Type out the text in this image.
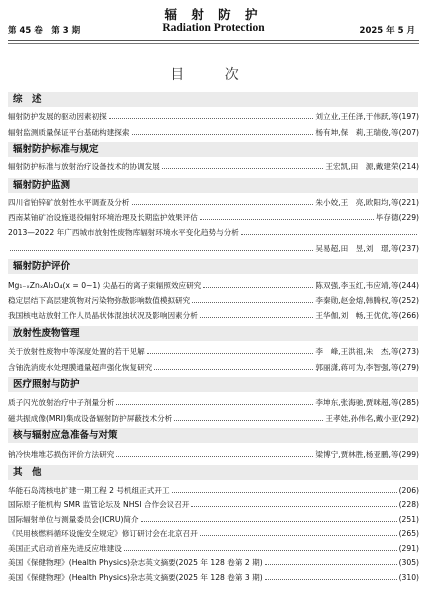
第 45 卷　第 3 期
辐 射 防 护
Radiation Protection	2025 年 5 月
目 次
综　述
辐射防护发展的驱动因素初探	刘立业,王任泽,于伟跃,等 (197)
辐射监测质量保证平台基础构建探索	杨有坤,保　莉,王瑞俊,等 (207)
辐射防护标准与规定
辐射防护标准与放射治疗设备技术的协调发展	王宏凯,田　源,戴建荣 (214)
辐射防护监测
四川省铂锌矿放射性水平调查及分析	朱小姣,王　亮,欧阳均,等 (221)
西南某铀矿冶设施退役辐射环境治理及长期监护效果评估	毕存德 (229)
2013—2022 年广西城市放射性废物库辐射环境水平变化趋势与分析
吴易超,田　昱,刘　璟,等 (237)
辐射防护评价
Mg₁₋ₓZnₓAl₂O₄(x = 0~1) 尖晶石的离子束辐照效应研究	陈双强,李玉红,韦应靖,等 (244)
稳定层结下高层建筑物对污染物弥散影响数值模拟研究	李秦勋,赵金熔,韩腾权,等 (252)
我国核电站放射工作人员晶状体混浊状况及影响因素分析	王华伽,刘　畅,王优优,等 (266)
放射性废物管理
关于放射性废物中等深度处置的若干见解	李　峰,王洪祖,朱　杰,等 (273)
含铀洗消废水处理膜通量超声强化恢复研究	郭丽潇,蒋可为,李智强,等 (279)
医疗照射与防护
质子闪光放射治疗中子剂量分析	李坤东,张海驰,贾咪超,等 (285)
磁共振成像(MRI)集成设备辐射防护屏蔽技术分析	王孝娃,孙伟名,戴小亚 (292)
核与辐射应急准备与对策
钠冷快堆堆芯损伤评价方法研究	梁博宁,贾林胜,杨亚鹏,等 (299)
其　他
华能石岛湾核电扩建一期工程 2 号机组正式开工	(206)
国际原子能机构 SMR 监管论坛及 NHSI 合作会议召开	(228)
国际辐射单位与测量委员会(ICRU)简介	(251)
《民用核燃料循环设施安全规定》修订研讨会在北京召开	(265)
美国正式启动首座先进反应堆建设	(291)
美国《保健物理》(Health Physics)杂志英文摘要(2025 年 128 卷第 2 期)	(305)
美国《保健物理》(Health Physics)杂志英文摘要(2025 年 128 卷第 3 期)	(310)
